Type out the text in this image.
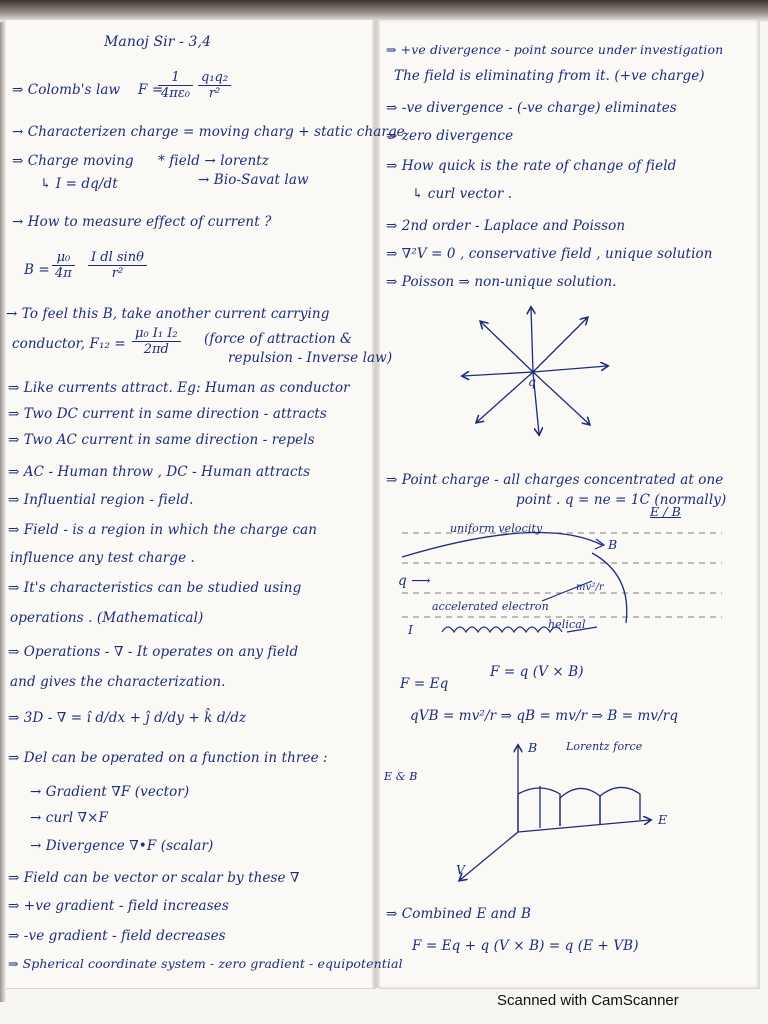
Manoj Sir - 3,4
⇒ Colomb's law F =
$\frac{1}{\text{4πε₀}} \frac{\text{q₁q₂}}{\text{r²}}$
→ Characterizen charge = moving charg + static charge
⇒ Charge moving
↳ I = dq/dt
* field → lorentz
→ Bio-Savat law
→ How to measure effect of current ?
$B = \frac{\text{μ₀}}{4\pi} \frac{\text{I dl sinθ}}{\text{r²}}$
→ To feel this B, take another current carrying
conductor, $F_{12} = \frac{\text{μ₀ I₁ I₂}}{2\pi d}$ (force of attraction &
repulsion - Inverse law)
⇒ Like currents attract. Eg: Human as conductor
⇒ Two DC current in same direction - attracts
⇒ Two AC current in same direction - repels
⇒ AC - Human throw , DC - Human attracts
⇒ Influential region - field.
⇒ Field - is a region in which the charge can
influence any test charge .
⇒ It's characteristics can be studied using
operations . (Mathematical)
⇒ Operations - ∇ - It operates on any field
and gives the characterization.
⇒ 3D - ∇ = î d/dx + ĵ d/dy + k̂ d/dz
⇒ Del can be operated on a function in three :
→ Gradient ∇F (vector)
→ curl ∇×F
→ Divergence ∇•F (scalar)
⇒ Field can be vector or scalar by these ∇
⇒ +ve gradient - field increases
⇒ -ve gradient - field decreases
⇒ Spherical coordinate system - zero gradient - equipotential
⇒ +ve divergence - point source under investigation
The field is eliminating from it. (+ve charge)
⇒ -ve divergence - (-ve charge) eliminates
⇒ zero divergence
⇒ How quick is the rate of change of field
↳ curl vector .
⇒ 2nd order - Laplace and Poisson
⇒ ∇²V = 0 , conservative field , unique solution
⇒ Poisson ⇒ non-unique solution.
q
⇒ Point charge - all charges concentrated at one
point . q = ne = 1C (normally)
E / B
uniform velocity
B
q ⟶	mv²/r
accelerated electron
I	helical
F = Eq
F = q (V × B)
qVB = mv²/r ⇒ qB = mv/r ⇒ B = mv/rq
E & B
B	Lorentz force
E
V
⇒ Combined E and B
F = Eq + q (V × B) = q (E + VB)
Scanned with CamScanner
